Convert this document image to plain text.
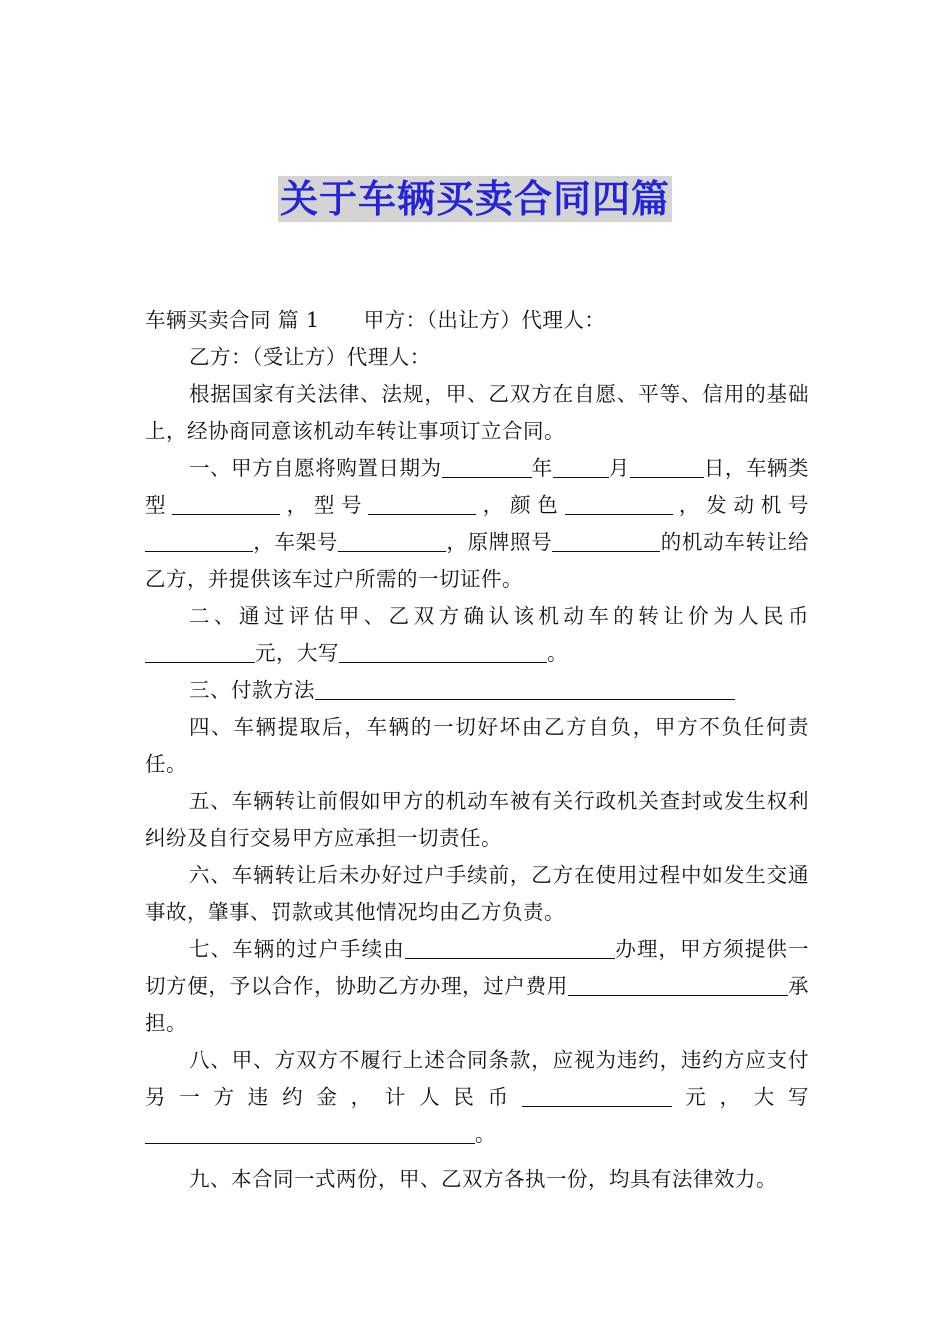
关于车辆买卖合同四篇

车辆买卖合同 篇 1 甲方：（出让方）代理人：

乙方：（受让方）代理人：

根据国家有关法律、法规，甲、乙双方在自愿、平等、信用的基础上，经协商同意该机动车转让事项订立合同。

一、甲方自愿将购置日期为	年	月	日，车辆类型	，型号	，颜色	，发动机号，车架号	，原牌照号	的机动车转让给乙方，并提供该车过户所需的一切证件。

二、通过评估甲、乙双方确认该机动车的转让价为人民币元，大写	。

三、付款方法

四、车辆提取后，车辆的一切好坏由乙方自负，甲方不负任何责任。

五、车辆转让前假如甲方的机动车被有关行政机关查封或发生权利纠纷及自行交易甲方应承担一切责任。

六、车辆转让后未办好过户手续前，乙方在使用过程中如发生交通事故，肇事、罚款或其他情况均由乙方负责。

七、车辆的过户手续由	办理，甲方须提供一切方便，予以合作，协助乙方办理，过户费用	承担。

八、甲、方双方不履行上述合同条款，应视为违约，违约方应支付另一方违约金，计人民币	元，大写。

九、本合同一式两份，甲、乙双方各执一份，均具有法律效力。
